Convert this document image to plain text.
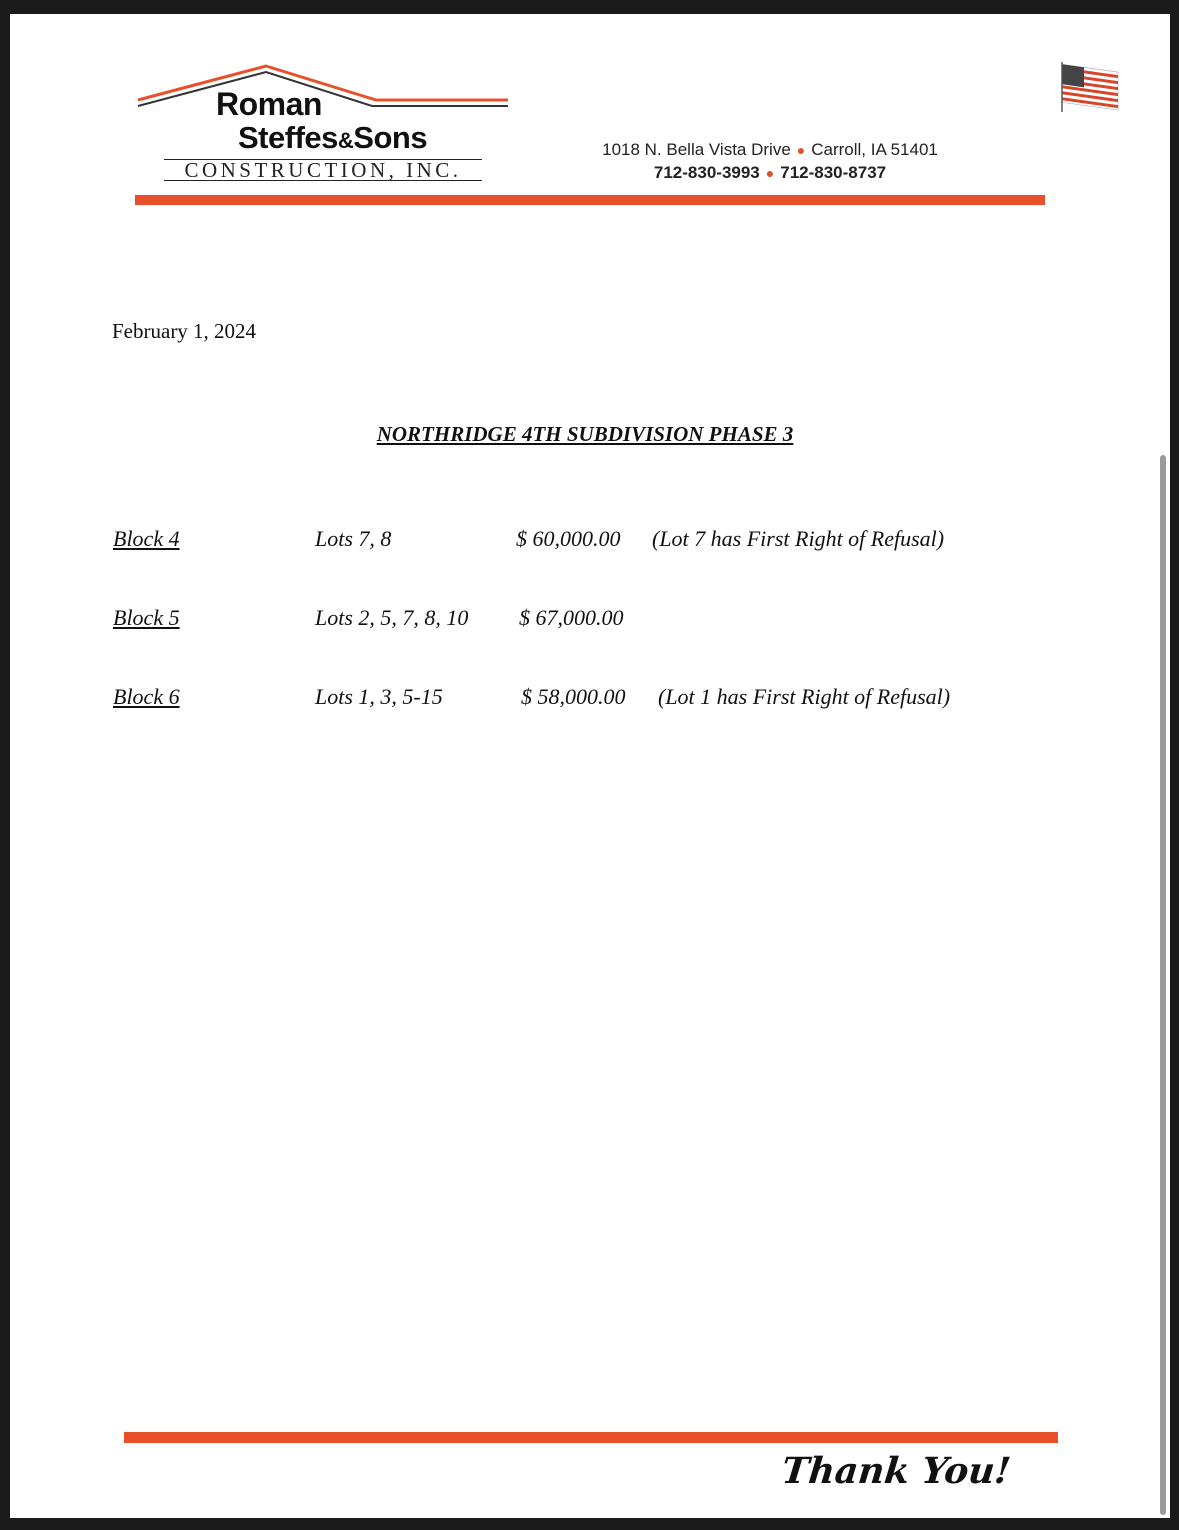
Roman
Steffes&Sons
CONSTRUCTION, INC.
1018 N. Bella Vista Drive ● Carroll, IA 51401
712-830-3993 ● 712-830-8737
February 1, 2024
NORTHRIDGE 4TH SUBDIVISION PHASE 3
Block 4	Lots 7, 8	$ 60,000.00 (Lot 7 has First Right of Refusal)
Block 5	Lots 2, 5, 7, 8, 10 $ 67,000.00
Block 6	Lots 1, 3, 5-15	$ 58,000.00 (Lot 1 has First Right of Refusal)
Thank You!
